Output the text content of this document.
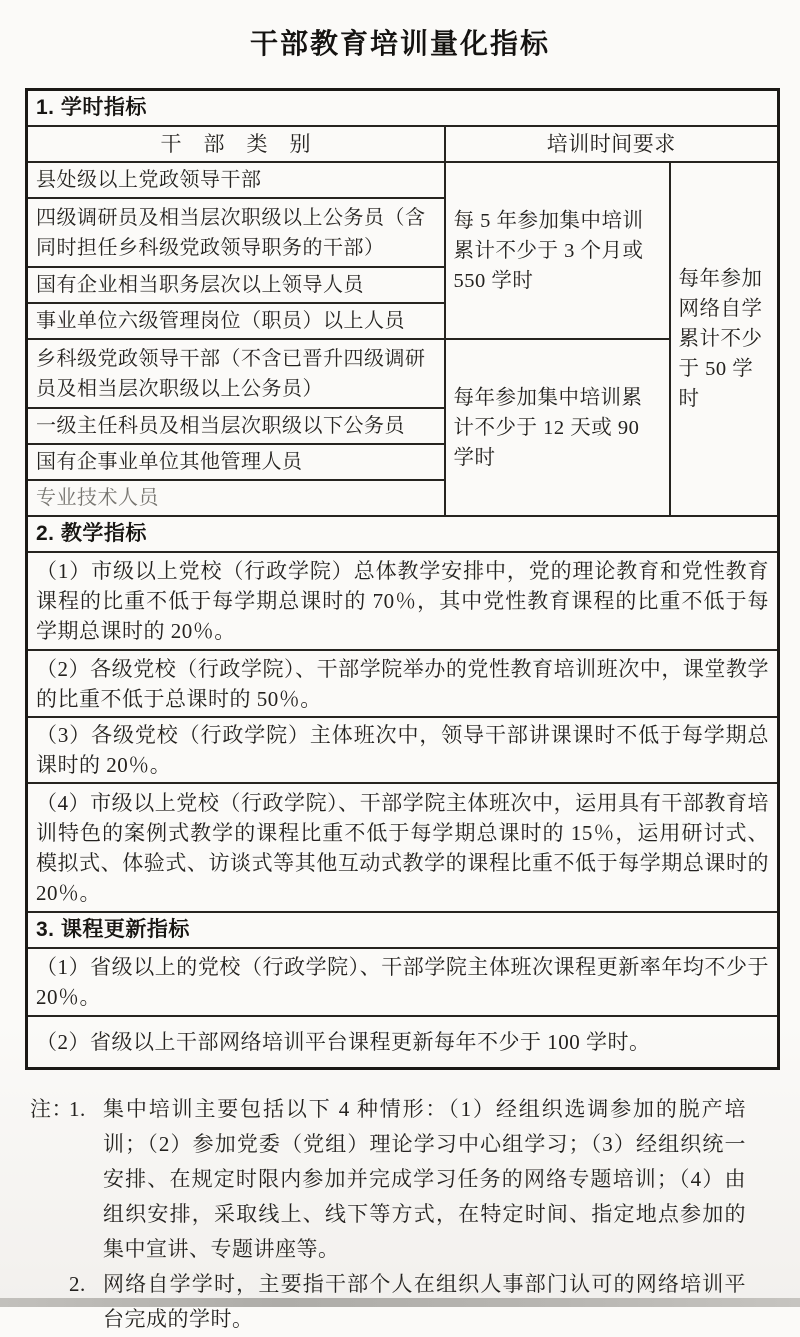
干部教育培训量化指标
1. 学时指标		
干　部　类　别	培训时间要求	
县处级以上党政领导干部	每 5 年参加集中培训累计不少于 3 个月或 550 学时	每年参加网络自学累计不少于 50 学时
四级调研员及相当层次职级以上公务员（含同时担任乡科级党政领导职务的干部）		
国有企业相当职务层次以上领导人员		
事业单位六级管理岗位（职员）以上人员		
乡科级党政领导干部（不含已晋升四级调研员及相当层次职级以上公务员）	每年参加集中培训累计不少于 12 天或 90 学时	
一级主任科员及相当层次职级以下公务员		
国有企事业单位其他管理人员		
专业技术人员		
2. 教学指标		
（1）市级以上党校（行政学院）总体教学安排中，党的理论教育和党性教育课程的比重不低于每学期总课时的 70％，其中党性教育课程的比重不低于每学期总课时的 20％。		
（2）各级党校（行政学院）、干部学院举办的党性教育培训班次中，课堂教学的比重不低于总课时的 50％。		
（3）各级党校（行政学院）主体班次中，领导干部讲课课时不低于每学期总课时的 20％。		
（4）市级以上党校（行政学院）、干部学院主体班次中，运用具有干部教育培训特色的案例式教学的课程比重不低于每学期总课时的 15％，运用研讨式、模拟式、体验式、访谈式等其他互动式教学的课程比重不低于每学期总课时的 20％。		
3. 课程更新指标		
（1）省级以上的党校（行政学院）、干部学院主体班次课程更新率年均不少于 20％。		
（2）省级以上干部网络培训平台课程更新每年不少于 100 学时。		
注：
1. 集中培训主要包括以下 4 种情形：（1）经组织选调参加的脱产培训；（2）参加党委（党组）理论学习中心组学习；（3）经组织统一安排、在规定时限内参加并完成学习任务的网络专题培训；（4）由组织安排，采取线上、线下等方式，在特定时间、指定地点参加的集中宣讲、专题讲座等。
2. 网络自学学时，主要指干部个人在组织人事部门认可的网络培训平台完成的学时。
